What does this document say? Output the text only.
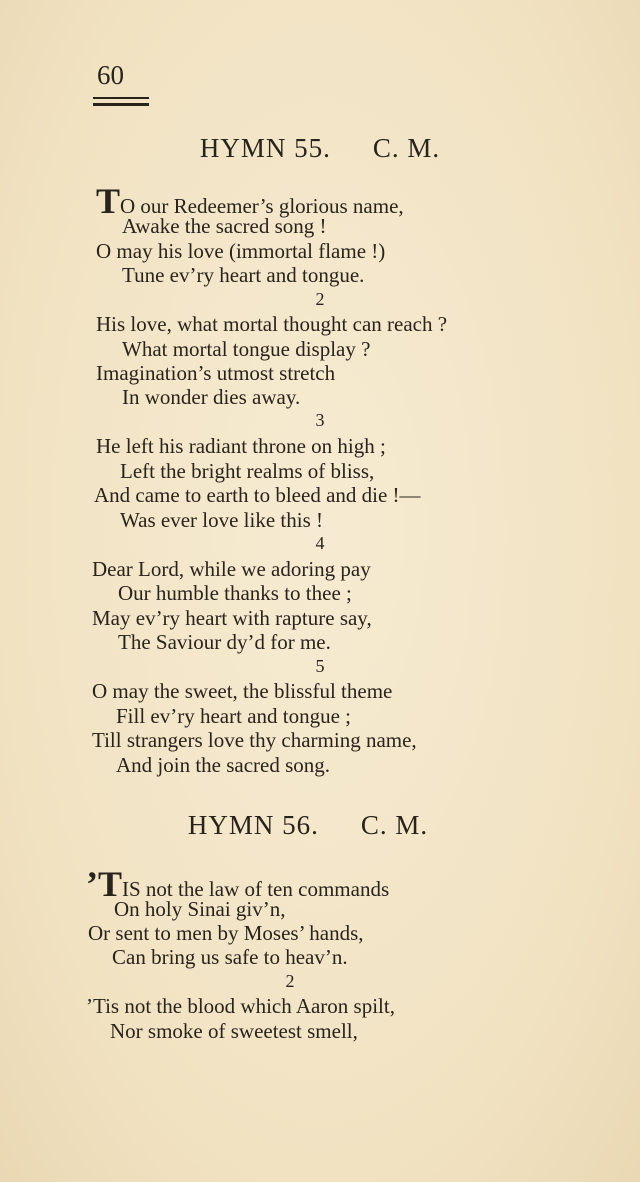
60
HYMN 55. C. M.
TO our Redeemer’s glorious name,
Awake the sacred song !
O may his love (immortal flame !)
Tune ev’ry heart and tongue.
2
His love, what mortal thought can reach ?
What mortal tongue display ?
Imagination’s utmost stretch
In wonder dies away.
3
He left his radiant throne on high ;
Left the bright realms of bliss,
And came to earth to bleed and die !—
Was ever love like this !
4
Dear Lord, while we adoring pay
Our humble thanks to thee ;
May ev’ry heart with rapture say,
The Saviour dy’d for me.
5
O may the sweet, the blissful theme
Fill ev’ry heart and tongue ;
Till strangers love thy charming name,
And join the sacred song.
HYMN 56. C. M.
’TIS not the law of ten commands
On holy Sinai giv’n,
Or sent to men by Moses’ hands,
Can bring us safe to heav’n.
2
’Tis not the blood which Aaron spilt,
Nor smoke of sweetest smell,
